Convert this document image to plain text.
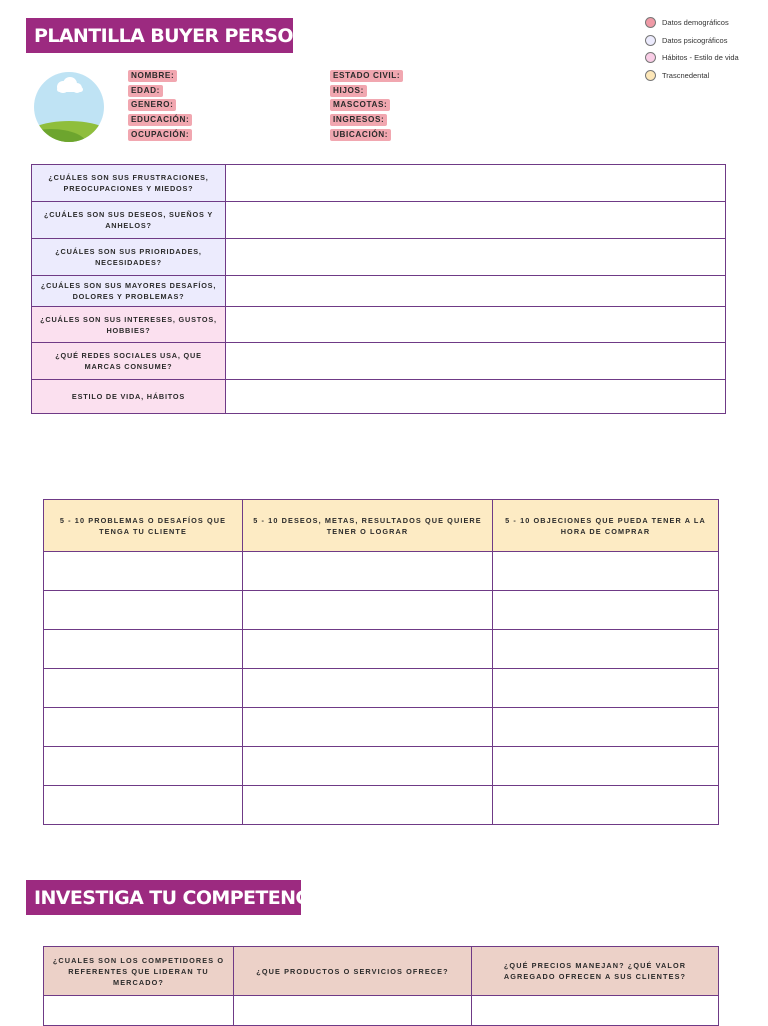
PLANTILLA BUYER PERSONA
Datos demográficos
Datos psicográficos
Hábitos - Estilo de vida
Trascnedental
NOMBRE:
EDAD:
GENERO:
EDUCACIÓN:
OCUPACIÓN:
ESTADO CIVIL:
HIJOS:
MASCOTAS:
INGRESOS:
UBICACIÓN:
¿CUÁLES SON SUS FRUSTRACIONES, PREOCUPACIONES Y MIEDOS?	
¿CUÁLES SON SUS DESEOS, SUEÑOS Y ANHELOS?	
¿CUÁLES SON SUS PRIORIDADES, NECESIDADES?	
¿CUÁLES SON SUS MAYORES DESAFÍOS, DOLORES Y PROBLEMAS?	
¿CUÁLES SON SUS INTERESES, GUSTOS, HOBBIES?	
¿QUÉ REDES SOCIALES USA, QUE MARCAS CONSUME?	
ESTILO DE VIDA, HÁBITOS	
5 - 10 PROBLEMAS O DESAFÍOS QUE TENGA TU CLIENTE	5 - 10 DESEOS, METAS, RESULTADOS QUE QUIERE TENER O LOGRAR	5 - 10 OBJECIONES QUE PUEDA TENER A LA HORA DE COMPRAR

INVESTIGA TU COMPETENCIA
¿CUALES SON LOS COMPETIDORES O REFERENTES QUE LIDERAN TU MERCADO?	¿QUE PRODUCTOS O SERVICIOS OFRECE?	¿QUÉ PRECIOS MANEJAN? ¿QUÉ VALOR AGREGADO OFRECEN A SUS CLIENTES?
